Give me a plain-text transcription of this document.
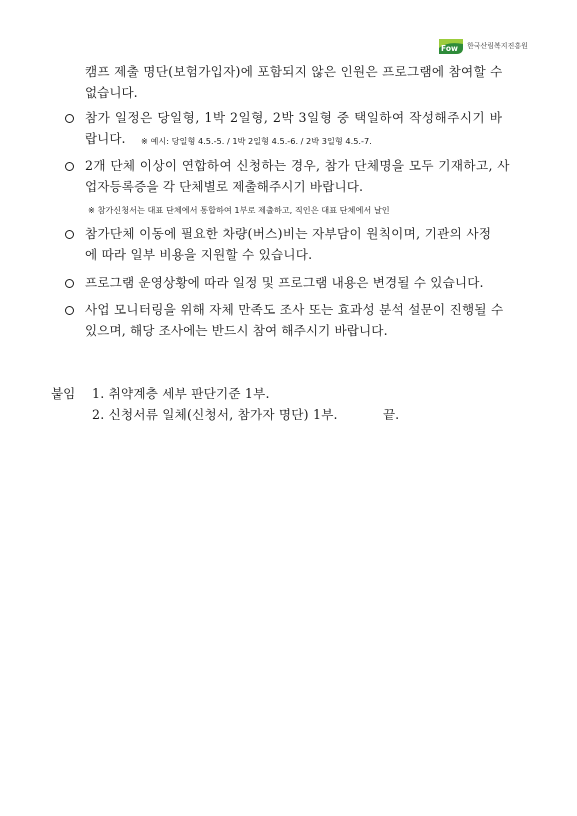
Fow 한국산림복지진흥원
캠프 제출 명단(보험가입자)에 포함되지 않은 인원은 프로그램에 참여할 수
없습니다.
참가 일정은 당일형, 1박 2일형, 2박 3일형 중 택일하여 작성해주시기 바
랍니다. ※ 예시: 당일형 4.5.-5. / 1박 2일형 4.5.-6. / 2박 3일형 4.5.-7.
2개 단체 이상이 연합하여 신청하는 경우, 참가 단체명을 모두 기재하고, 사
업자등록증을 각 단체별로 제출해주시기 바랍니다.
※ 참가신청서는 대표 단체에서 통합하여 1부로 제출하고, 직인은 대표 단체에서 날인
참가단체 이동에 필요한 차량(버스)비는 자부담이 원칙이며, 기관의 사정
에 따라 일부 비용을 지원할 수 있습니다.
프로그램 운영상황에 따라 일정 및 프로그램 내용은 변경될 수 있습니다.
사업 모니터링을 위해 자체 만족도 조사 또는 효과성 분석 설문이 진행될 수
있으며, 해당 조사에는 반드시 참여 해주시기 바랍니다.
붙임 1. 취약계층 세부 판단기준 1부.
2. 신청서류 일체(신청서, 참가자 명단) 1부.	끝.
